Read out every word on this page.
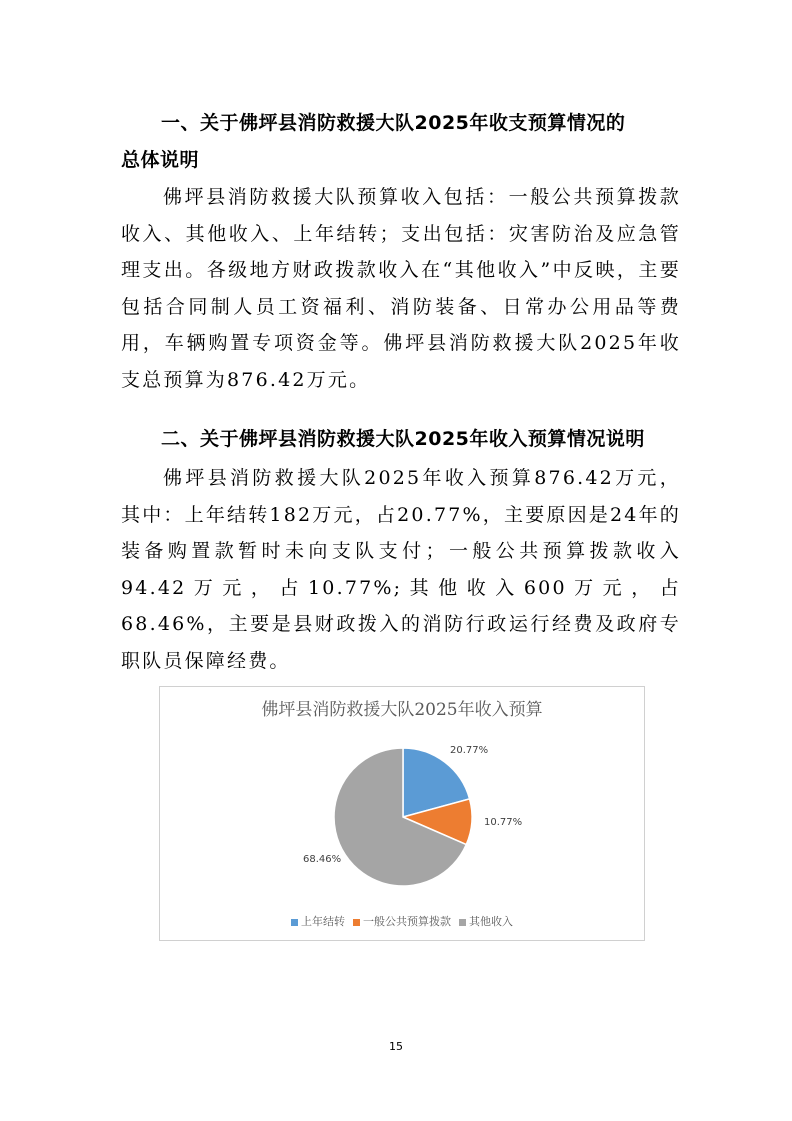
一、关于佛坪县消防救援大队2025年收支预算情况的
总体说明
佛坪县消防救援大队预算收入包括：一般公共预算拨款收入、其他收入、上年结转；支出包括：灾害防治及应急管理支出。各级地方财政拨款收入在“其他收入”中反映，主要包括合同制人员工资福利、消防装备、日常办公用品等费用，车辆购置专项资金等。佛坪县消防救援大队2025年收支总预算为876.42万元。
二、关于佛坪县消防救援大队2025年收入预算情况说明
佛坪县消防救援大队2025年收入预算876.42万元，其中：上年结转182万元，占20.77%，主要原因是24年的装备购置款暂时未向支队支付；一般公共预算拨款收入94.42万元，占10.77%;其他收入600万元，占68.46%，主要是县财政拨入的消防行政运行经费及政府专职队员保障经费。
佛坪县消防救援大队2025年收入预算
20.77%
10.77%
68.46%
上年结转 一般公共预算拨款 其他收入
15
